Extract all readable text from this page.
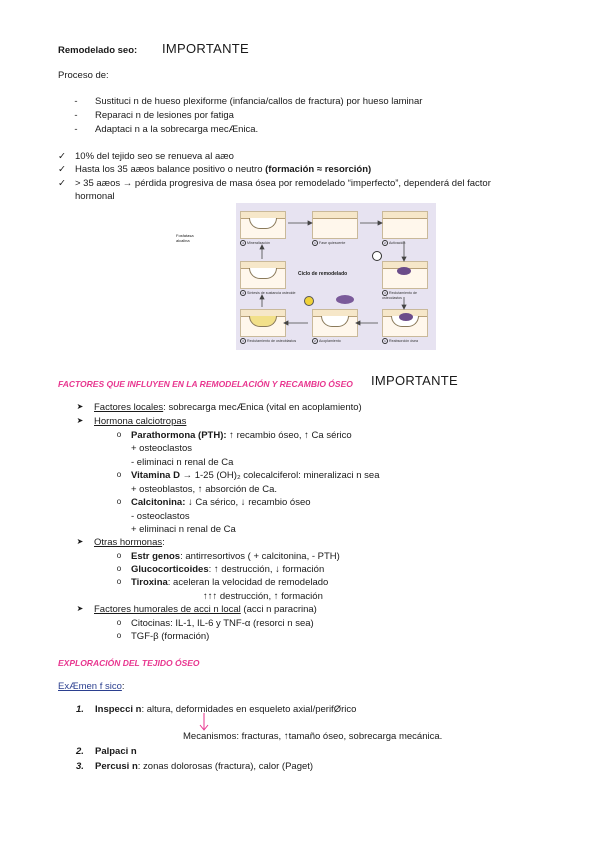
Remodelado seo: IMPORTANTE
Proceso de:
-	Sustituci n de hueso plexiforme (infancia/callos de fractura) por hueso laminar
-	Reparaci n de lesiones por fatiga
-	Adaptaci n a la sobrecarga mecÆnica.
✓ 10% del tejido seo se renueva al aæo
✓ Hasta los 35 aæos balance positivo o neutro (formación ≈ resorción)
✓ > 35 aæos → pérdida progresiva de masa ósea por remodelado “imperfecto”, dependerá del factor
hormonal
Fosfatasa
alcalina	4 Mineralización	1 Fase quiescente	2 Activación
Ciclo de remodelado
4 Síntesis de sustancia osteoide	3 Reclutamiento de osteoclastos
3 Reclutamiento de osteoblastos	2 Acoplamiento	1 Reabsorción ósea
FACTORES QUE INFLUYEN EN LA REMODELACIÓN Y RECAMBIO ÓSEO IMPORTANTE
➤ Factores locales: sobrecarga mecÆnica (vital en acoplamiento)
➤ Hormona calciotropas
o	Parathormona (PTH): ↑ recambio óseo, ↑ Ca sérico
+ osteoclastos
- eliminaci n renal de Ca
o	Vitamina D → 1-25 (OH)₂ colecalciferol: mineralizaci n sea
+ osteoblastos, ↑ absorción de Ca.
o	Calcitonina: ↓ Ca sérico, ↓ recambio óseo
- osteoclastos
+ eliminaci n renal de Ca
➤ Otras hormonas:
o	Estr genos: antirresortivos ( + calcitonina, - PTH)
o	Glucocorticoides: ↑ destrucción, ↓ formación
o	Tiroxina: aceleran la velocidad de remodelado
↑↑↑ destrucción, ↑ formación
➤ Factores humorales de acci n local (acci n paracrina)
o	Citocinas: IL-1, IL-6 y TNF-α (resorci n sea)
o	TGF-β (formación)
EXPLORACIÓN DEL TEJIDO ÓSEO
ExÆmen f sico:
1. Inspecci n: altura, deformidades en esqueleto axial/perifØrico
Mecanismos: fracturas, ↑tamaño óseo, sobrecarga mecánica.
2. Palpaci n
3. Percusi n: zonas dolorosas (fractura), calor (Paget)
